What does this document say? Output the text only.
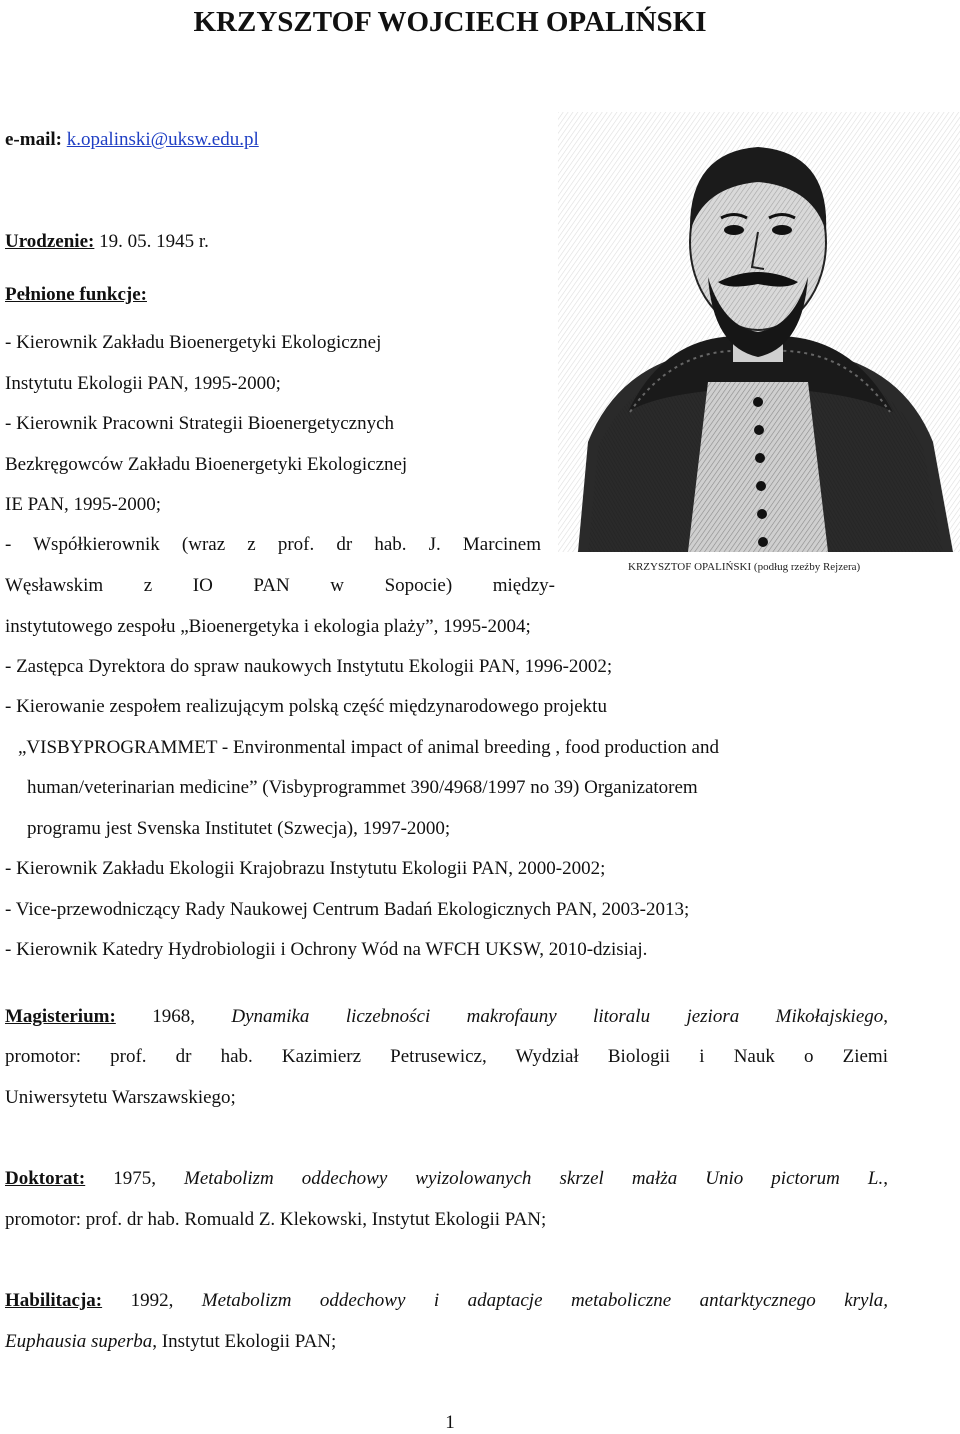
KRZYSZTOF WOJCIECH OPALIŃSKI
e-mail: k.opalinski@uksw.edu.pl
Urodzenie: 19. 05. 1945 r.
Pełnione funkcje:
- Kierownik Zakładu Bioenergetyki Ekologicznej
Instytutu Ekologii PAN, 1995-2000;
- Kierownik Pracowni Strategii Bioenergetycznych
Bezkręgowców Zakładu Bioenergetyki Ekologicznej
IE PAN, 1995-2000;
- Współkierownik (wraz z prof. dr hab. J. Marcinem
Węsławskim z IO PAN w Sopocie) między-
instytutowego zespołu „Bioenergetyka i ekologia plaży”, 1995-2004;
- Zastępca Dyrektora do spraw naukowych Instytutu Ekologii PAN, 1996-2002;
- Kierowanie zespołem realizującym polską część międzynarodowego projektu
„VISBYPROGRAMMET - Environmental impact of animal breeding , food production and
human/veterinarian medicine” (Visbyprogrammet 390/4968/1997 no 39) Organizatorem
programu jest Svenska Institutet (Szwecja), 1997-2000;
- Kierownik Zakładu Ekologii Krajobrazu Instytutu Ekologii PAN, 2000-2002;
- Vice-przewodniczący Rady Naukowej Centrum Badań Ekologicznych PAN, 2003-2013;
- Kierownik Katedry Hydrobiologii i Ochrony Wód na WFCH UKSW, 2010-dzisiaj.
KRZYSZTOF OPALIŃSKI (podług rzeźby Rejzera)
Magisterium: 1968, Dynamika liczebności makrofauny litoralu jeziora Mikołajskiego,
promotor: prof. dr hab. Kazimierz Petrusewicz, Wydział Biologii i Nauk o Ziemi
Uniwersytetu Warszawskiego;
Doktorat: 1975, Metabolizm oddechowy wyizolowanych skrzel małża Unio pictorum L.,
promotor: prof. dr hab. Romuald Z. Klekowski, Instytut Ekologii PAN;
Habilitacja: 1992, Metabolizm oddechowy i adaptacje metaboliczne antarktycznego kryla,
Euphausia superba, Instytut Ekologii PAN;
1
